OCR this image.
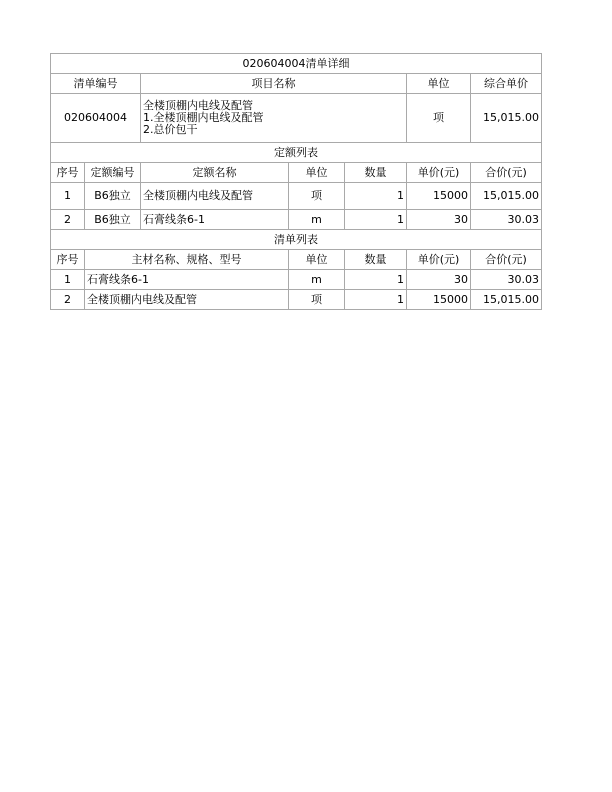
020604004清单详细						
清单编号		项目名称			单位	综合单价
020604004		全楼顶棚内电线及配管
1.全楼顶棚内电线及配管
2.总价包干			项	15,015.00
定额列表						
序号	定额编号	定额名称	单位	数量	单价(元)	合价(元)
1	B6独立	全楼顶棚内电线及配管	项	1	15000	15,015.00
2	B6独立	石膏线条6-1	m	1	30	30.03
清单列表						
序号	主材名称、规格、型号		单位	数量	单价(元)	合价(元)
1	石膏线条6-1		m	1	30	30.03
2	全楼顶棚内电线及配管		项	1	15000	15,015.00
